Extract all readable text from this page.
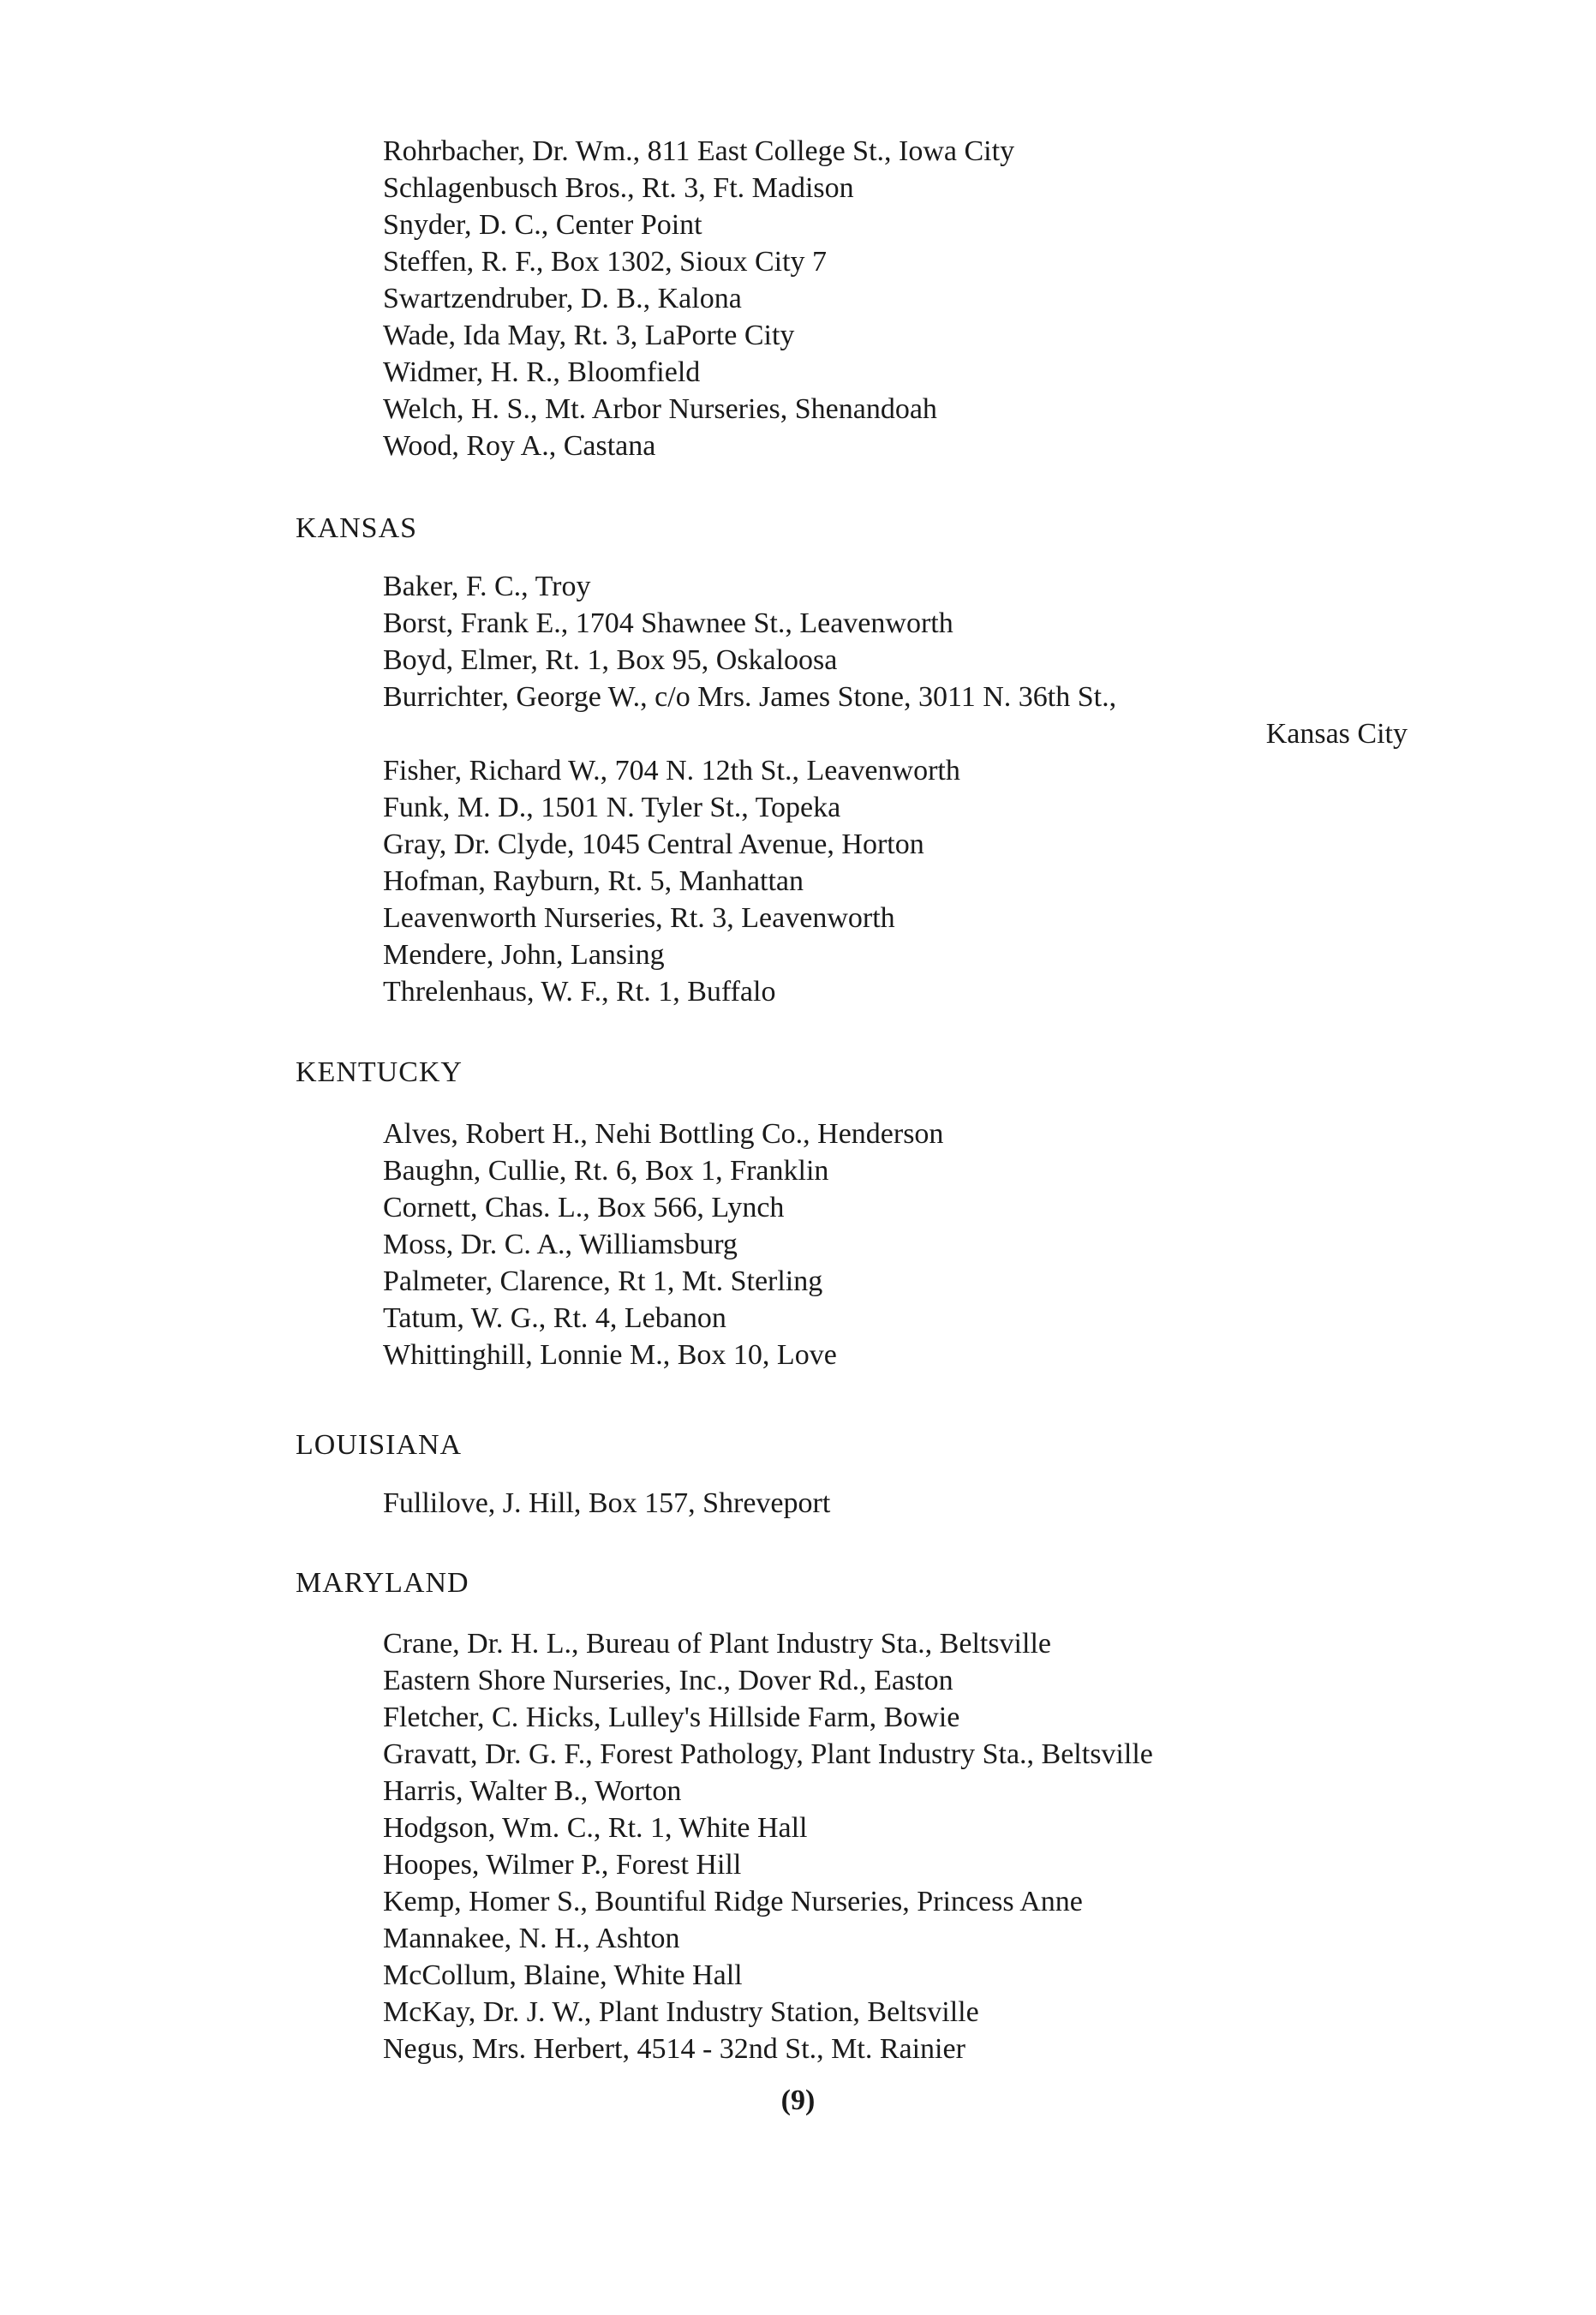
Rohrbacher, Dr. Wm., 811 East College St., Iowa City
Schlagenbusch Bros., Rt. 3, Ft. Madison
Snyder, D. C., Center Point
Steffen, R. F., Box 1302, Sioux City 7
Swartzendruber, D. B., Kalona
Wade, Ida May, Rt. 3, LaPorte City
Widmer, H. R., Bloomfield
Welch, H. S., Mt. Arbor Nurseries, Shenandoah
Wood, Roy A., Castana
KANSAS
Baker, F. C., Troy
Borst, Frank E., 1704 Shawnee St., Leavenworth
Boyd, Elmer, Rt. 1, Box 95, Oskaloosa
Burrichter, George W., c/o Mrs. James Stone, 3011 N. 36th St.,
Kansas City
Fisher, Richard W., 704 N. 12th St., Leavenworth
Funk, M. D., 1501 N. Tyler St., Topeka
Gray, Dr. Clyde, 1045 Central Avenue, Horton
Hofman, Rayburn, Rt. 5, Manhattan
Leavenworth Nurseries, Rt. 3, Leavenworth
Mendere, John, Lansing
Threlenhaus, W. F., Rt. 1, Buffalo
KENTUCKY
Alves, Robert H., Nehi Bottling Co., Henderson
Baughn, Cullie, Rt. 6, Box 1, Franklin
Cornett, Chas. L., Box 566, Lynch
Moss, Dr. C. A., Williamsburg
Palmeter, Clarence, Rt 1, Mt. Sterling
Tatum, W. G., Rt. 4, Lebanon
Whittinghill, Lonnie M., Box 10, Love
LOUISIANA
Fullilove, J. Hill, Box 157, Shreveport
MARYLAND
Crane, Dr. H. L., Bureau of Plant Industry Sta., Beltsville
Eastern Shore Nurseries, Inc., Dover Rd., Easton
Fletcher, C. Hicks, Lulley's Hillside Farm, Bowie
Gravatt, Dr. G. F., Forest Pathology, Plant Industry Sta., Beltsville
Harris, Walter B., Worton
Hodgson, Wm. C., Rt. 1, White Hall
Hoopes, Wilmer P., Forest Hill
Kemp, Homer S., Bountiful Ridge Nurseries, Princess Anne
Mannakee, N. H., Ashton
McCollum, Blaine, White Hall
McKay, Dr. J. W., Plant Industry Station, Beltsville
Negus, Mrs. Herbert, 4514 - 32nd St., Mt. Rainier
(9)
